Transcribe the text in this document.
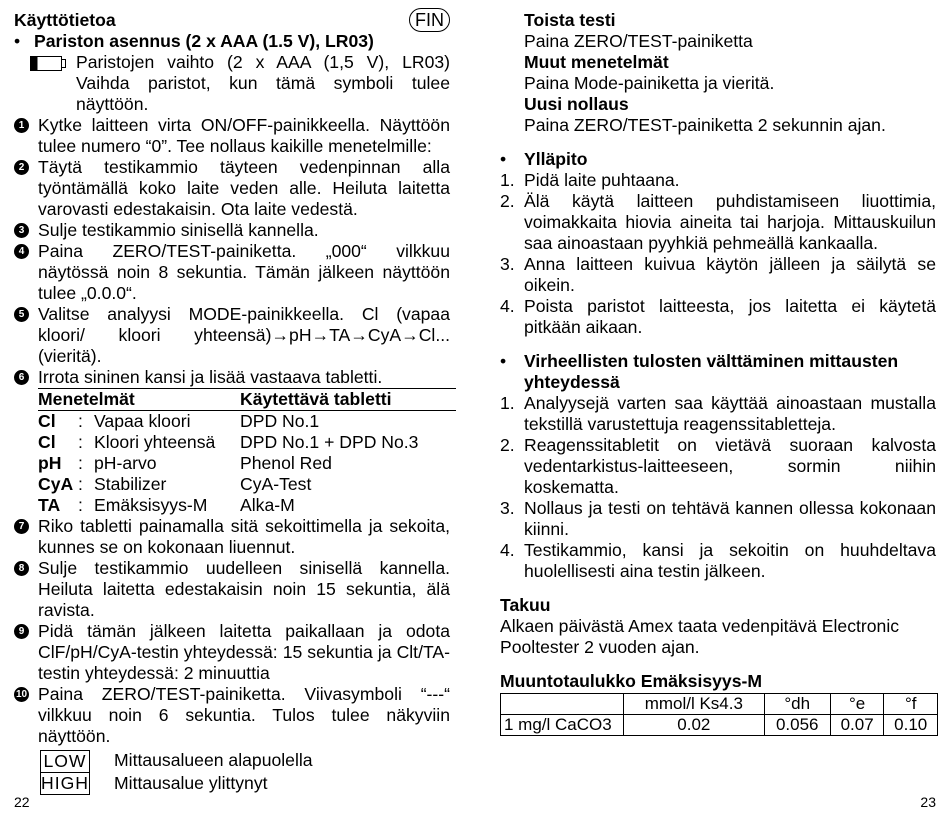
Käyttötietoa	FIN
• Pariston asennus (2 x AAA (1.5 V), LR03)
Paristojen vaihto (2 x AAA (1,5 V), LR03) Vaihda paristot, kun tämä symboli tulee näyttöön.
1 Kytke laitteen virta ON/OFF-painikkeella. Näyttöön tulee numero “0”. Tee nollaus kaikille menetelmille:
2 Täytä testikammio täyteen vedenpinnan alla työntämällä koko laite veden alle. Heiluta laitetta varovasti edestakaisin. Ota laite vedestä.
3 Sulje testikammio sinisellä kannella.
4 Paina ZERO/TEST-painiketta. „000“ vilkkuu näytössä noin 8 sekuntia. Tämän jälkeen näyttöön tulee „0.0.0“.
5 Valitse analyysi MODE-painikkeella. Cl (vapaa kloori/ kloori yhteensä)→pH→TA→CyA→Cl...(vieritä).
6 Irrota sininen kansi ja lisää vastaava tabletti.
Menetelmät			Käytettävä tabletti
Cl	:	Vapaa kloori	DPD No.1
Cl	:	Kloori yhteensä	DPD No.1 + DPD No.3
pH	:	pH-arvo	Phenol Red
CyA	:	Stabilizer	CyA-Test
TA	:	Emäksisyys-M	Alka-M
7 Riko tabletti painamalla sitä sekoittimella ja sekoita, kunnes se on kokonaan liuennut.
8 Sulje testikammio uudelleen sinisellä kannella. Heiluta laitetta edestakaisin noin 15 sekuntia, älä ravista.
9 Pidä tämän jälkeen laitetta paikallaan ja odota ClF/pH/CyA-testin yhteydessä: 15 sekuntia ja Clt/TA-testin yhteydessä: 2 minuuttia
10 Paina ZERO/TEST-painiketta. Viivasymboli “---“ vilkkuu noin 6 sekuntia. Tulos tulee näkyviin näyttöön.
LOW Mittausalueen alapuolella
HIGH Mittausalue ylittynyt
22
Toista testi
Paina ZERO/TEST-painiketta
Muut menetelmät
Paina Mode-painiketta ja vieritä.
Uusi nollaus
Paina ZERO/TEST-painiketta 2 sekunnin ajan.
•	Ylläpito
1. Pidä laite puhtaana.
2. Älä käytä laitteen puhdistamiseen liuottimia, voimakkaita hiovia aineita tai harjoja. Mittauskuilun saa ainoastaan pyyhkiä pehmeällä kankaalla.
3. Anna laitteen kuivua käytön jälleen ja säilytä se oikein.
4. Poista paristot laitteesta, jos laitetta ei käytetä pitkään aikaan.
•	Virheellisten tulosten välttäminen mittausten yhteydessä
1. Analyysejä varten saa käyttää ainoastaan mustalla tekstillä varustettuja reagenssitabletteja.
2. Reagenssitabletit on vietävä suoraan kalvosta vedentarkistus-laitteeseen, sormin niihin koskematta.
3. Nollaus ja testi on tehtävä kannen ollessa kokonaan kiinni.
4. Testikammio, kansi ja sekoitin on huuhdeltava huolellisesti aina testin jälkeen.
Takuu
Alkaen päivästä Amex taata vedenpitävä Electronic Pooltester 2 vuoden ajan.
Muuntotaulukko Emäksisyys-M
	mmol/l Ks4.3	°dh	°e	°f
1 mg/l CaCO3	0.02	0.056	0.07	0.10
23
